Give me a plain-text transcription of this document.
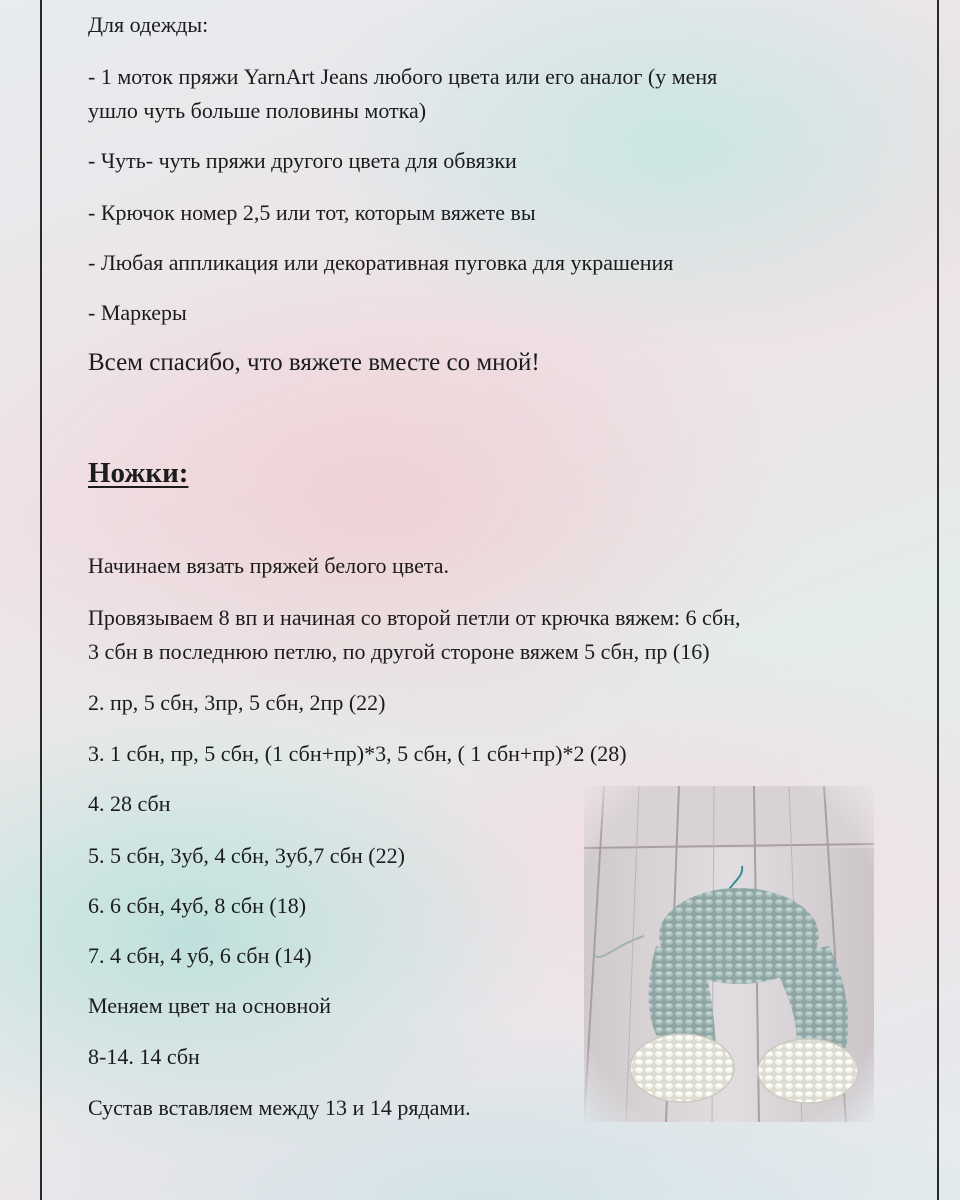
Для одежды:

- 1 моток пряжи YarnArt Jeans любого цвета или его аналог (у меня

ушло чуть больше половины мотка)

- Чуть- чуть пряжи другого цвета для обвязки

- Крючок номер 2,5 или тот, которым вяжете вы

- Любая аппликация или декоративная пуговка для украшения

- Маркеры

Всем спасибо, что вяжете вместе со мной!

Ножки:

Начинаем вязать пряжей белого цвета.

Провязываем 8 вп и начиная со второй петли от крючка вяжем: 6 сбн,

3 сбн в последнюю петлю, по другой стороне вяжем 5 сбн, пр (16)

2. пр, 5 сбн, 3пр, 5 сбн, 2пр (22)

3. 1 сбн, пр, 5 сбн, (1 сбн+пр)*3, 5 сбн, ( 1 сбн+пр)*2 (28)

4. 28 сбн

5. 5 сбн, 3уб, 4 сбн, 3уб,7 сбн (22)

6. 6 сбн, 4уб, 8 сбн (18)

7. 4 сбн, 4 уб, 6 сбн (14)

Меняем цвет на основной

8-14. 14 сбн

Сустав вставляем между 13 и 14 рядами.
